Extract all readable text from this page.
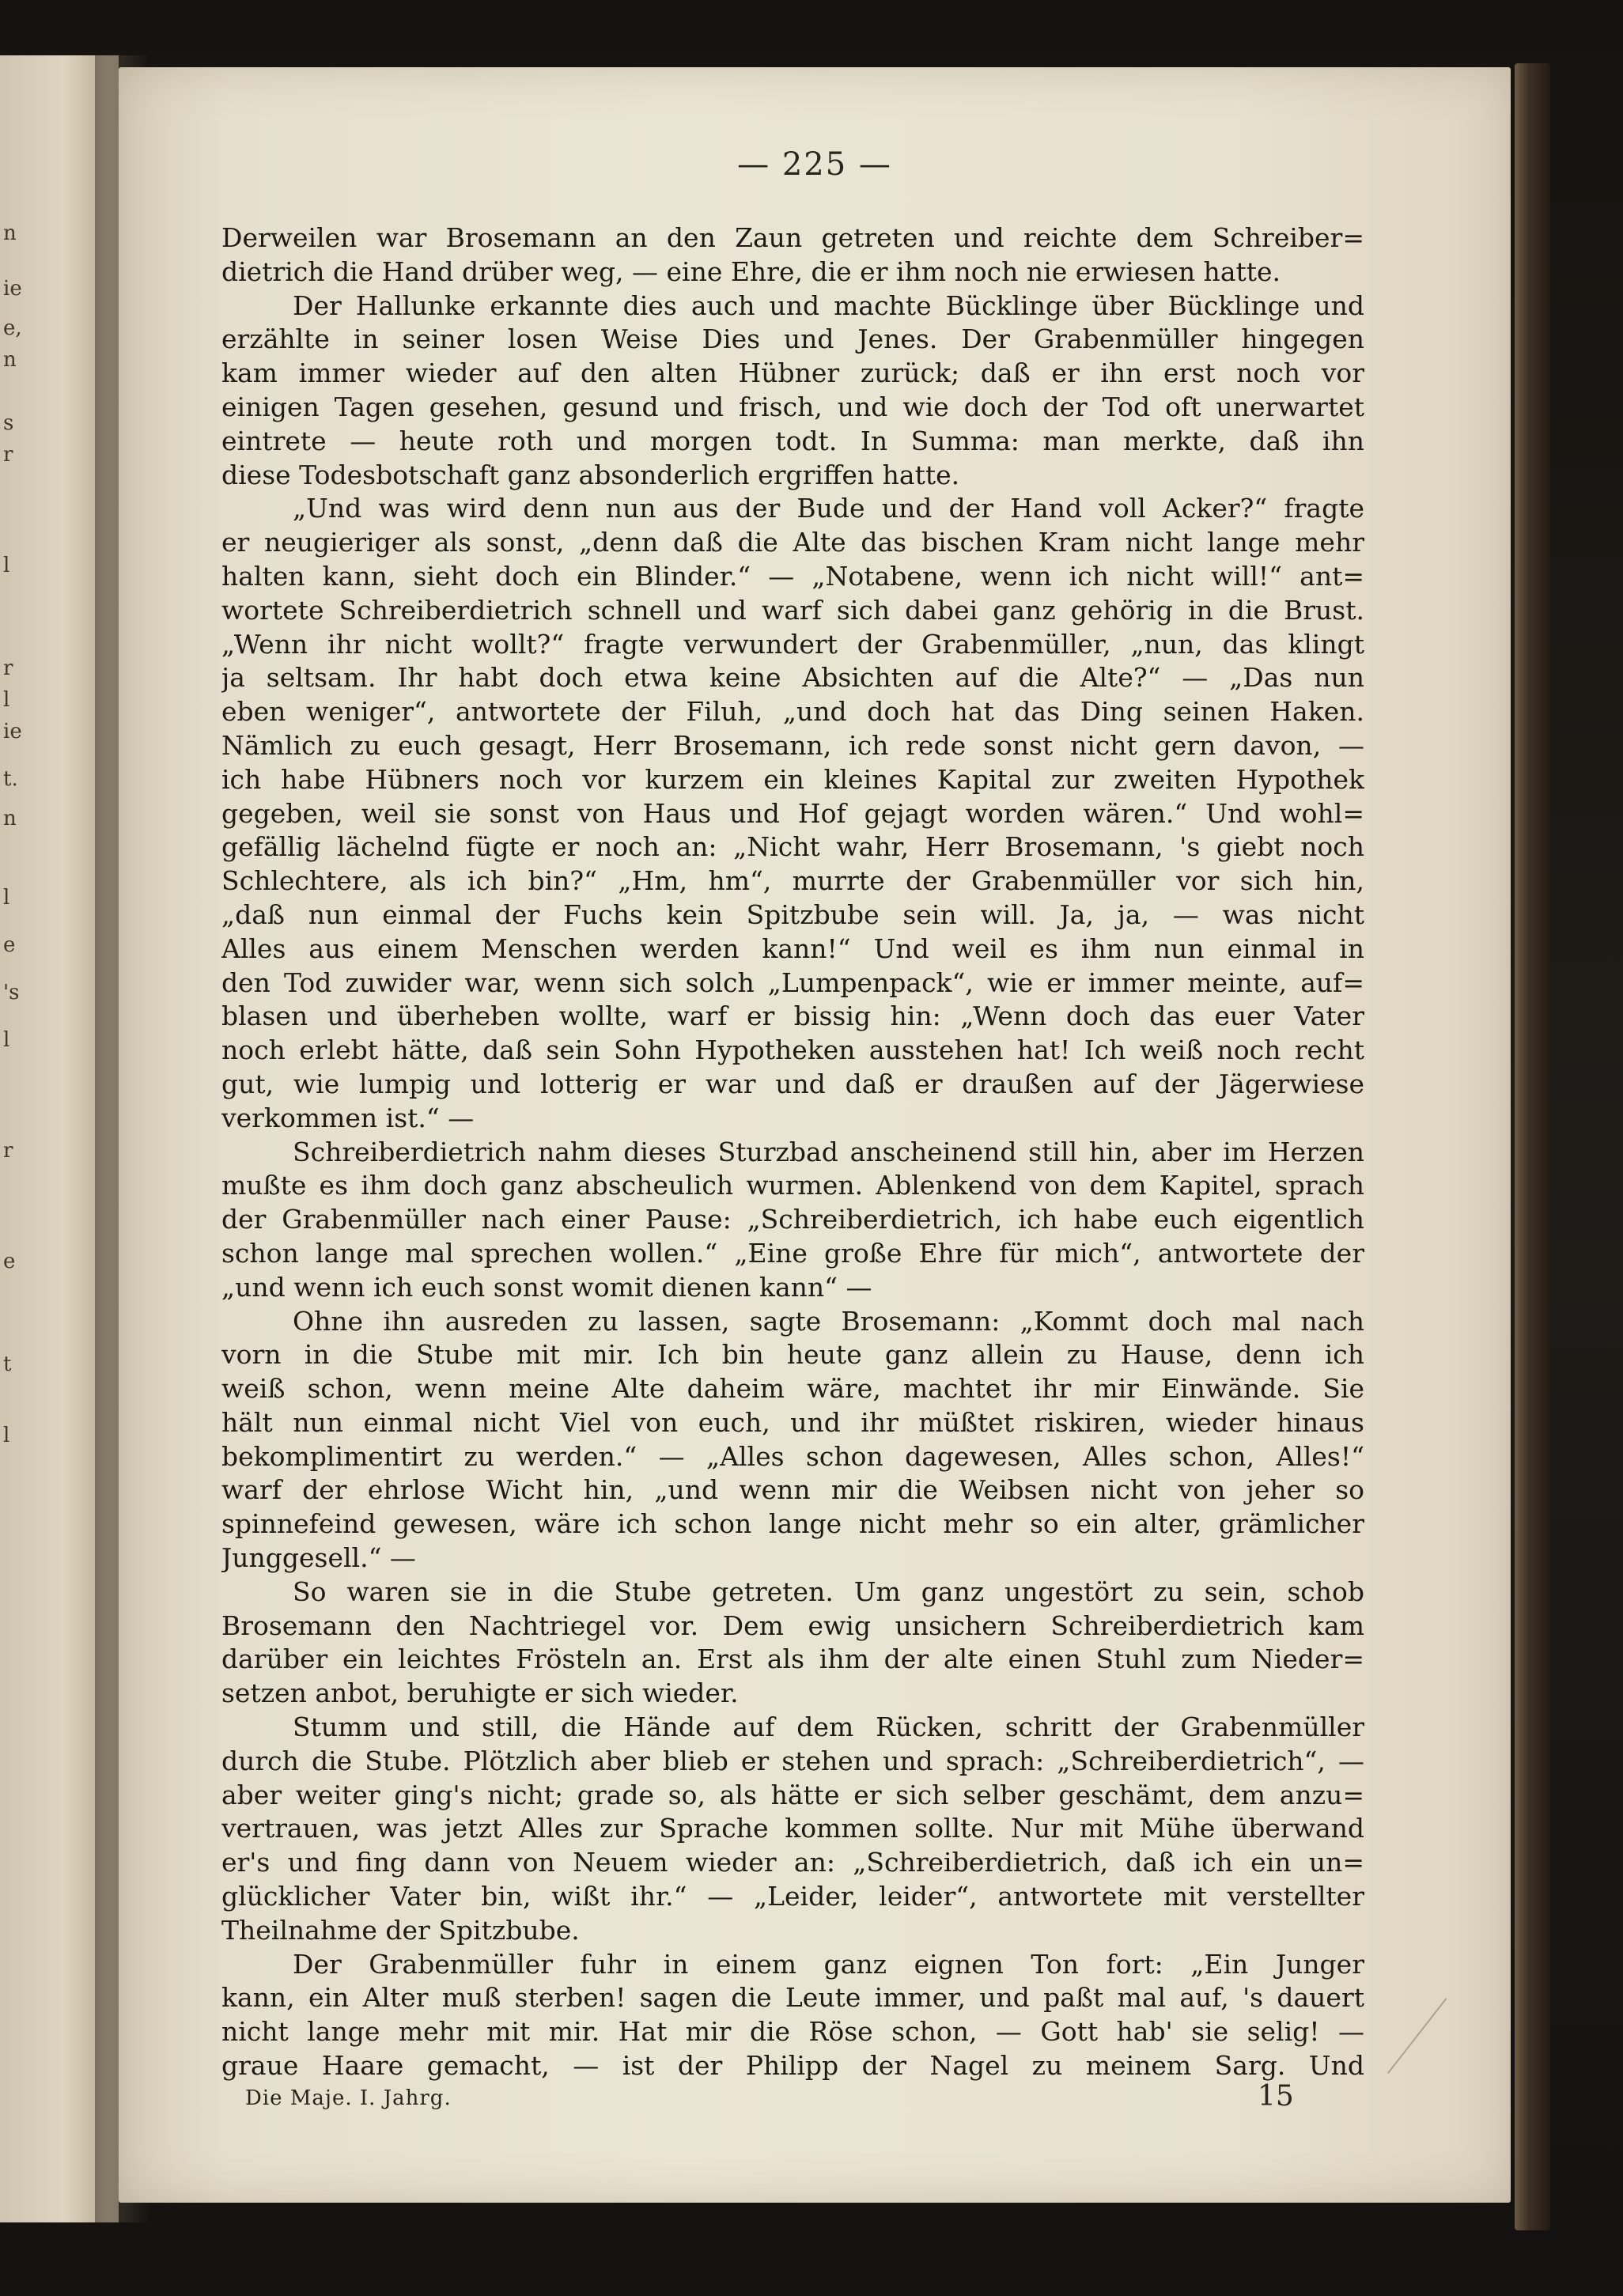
n
ie
e,
n
s
r
l
r
l
ie
t.
n
l
e
's
l
r
e
t
l
— 225 —
Derweilen war Brosemann an den Zaun getreten und reichte dem Schreiber=
dietrich die Hand drüber weg, — eine Ehre, die er ihm noch nie erwiesen hatte.
Der Hallunke erkannte dies auch und machte Bücklinge über Bücklinge und
erzählte in seiner losen Weise Dies und Jenes. Der Grabenmüller hingegen
kam immer wieder auf den alten Hübner zurück; daß er ihn erst noch vor
einigen Tagen gesehen, gesund und frisch, und wie doch der Tod oft unerwartet
eintrete — heute roth und morgen todt. In Summa: man merkte, daß ihn
diese Todesbotschaft ganz absonderlich ergriffen hatte.
„Und was wird denn nun aus der Bude und der Hand voll Acker?“ fragte
er neugieriger als sonst, „denn daß die Alte das bischen Kram nicht lange mehr
halten kann, sieht doch ein Blinder.“ — „Notabene, wenn ich nicht will!“ ant=
wortete Schreiberdietrich schnell und warf sich dabei ganz gehörig in die Brust.
„Wenn ihr nicht wollt?“ fragte verwundert der Grabenmüller, „nun, das klingt
ja seltsam. Ihr habt doch etwa keine Absichten auf die Alte?“ — „Das nun
eben weniger“, antwortete der Filuh, „und doch hat das Ding seinen Haken.
Nämlich zu euch gesagt, Herr Brosemann, ich rede sonst nicht gern davon, —
ich habe Hübners noch vor kurzem ein kleines Kapital zur zweiten Hypothek
gegeben, weil sie sonst von Haus und Hof gejagt worden wären.“ Und wohl=
gefällig lächelnd fügte er noch an: „Nicht wahr, Herr Brosemann, 's giebt noch
Schlechtere, als ich bin?“ „Hm, hm“, murrte der Grabenmüller vor sich hin,
„daß nun einmal der Fuchs kein Spitzbube sein will. Ja, ja, — was nicht
Alles aus einem Menschen werden kann!“ Und weil es ihm nun einmal in
den Tod zuwider war, wenn sich solch „Lumpenpack“, wie er immer meinte, auf=
blasen und überheben wollte, warf er bissig hin: „Wenn doch das euer Vater
noch erlebt hätte, daß sein Sohn Hypotheken ausstehen hat! Ich weiß noch recht
gut, wie lumpig und lotterig er war und daß er draußen auf der Jägerwiese
verkommen ist.“ —
Schreiberdietrich nahm dieses Sturzbad anscheinend still hin, aber im Herzen
mußte es ihm doch ganz abscheulich wurmen. Ablenkend von dem Kapitel, sprach
der Grabenmüller nach einer Pause: „Schreiberdietrich, ich habe euch eigentlich
schon lange mal sprechen wollen.“ „Eine große Ehre für mich“, antwortete der
„und wenn ich euch sonst womit dienen kann“ —
Ohne ihn ausreden zu lassen, sagte Brosemann: „Kommt doch mal nach
vorn in die Stube mit mir. Ich bin heute ganz allein zu Hause, denn ich
weiß schon, wenn meine Alte daheim wäre, machtet ihr mir Einwände. Sie
hält nun einmal nicht Viel von euch, und ihr müßtet riskiren, wieder hinaus
bekomplimentirt zu werden.“ — „Alles schon dagewesen, Alles schon, Alles!“
warf der ehrlose Wicht hin, „und wenn mir die Weibsen nicht von jeher so
spinnefeind gewesen, wäre ich schon lange nicht mehr so ein alter, grämlicher
Junggesell.“ —
So waren sie in die Stube getreten. Um ganz ungestört zu sein, schob
Brosemann den Nachtriegel vor. Dem ewig unsichern Schreiberdietrich kam
darüber ein leichtes Frösteln an. Erst als ihm der alte einen Stuhl zum Nieder=
setzen anbot, beruhigte er sich wieder.
Stumm und still, die Hände auf dem Rücken, schritt der Grabenmüller
durch die Stube. Plötzlich aber blieb er stehen und sprach: „Schreiberdietrich“, —
aber weiter ging's nicht; grade so, als hätte er sich selber geschämt, dem anzu=
vertrauen, was jetzt Alles zur Sprache kommen sollte. Nur mit Mühe überwand
er's und fing dann von Neuem wieder an: „Schreiberdietrich, daß ich ein un=
glücklicher Vater bin, wißt ihr.“ — „Leider, leider“, antwortete mit verstellter
Theilnahme der Spitzbube.
Der Grabenmüller fuhr in einem ganz eignen Ton fort: „Ein Junger
kann, ein Alter muß sterben! sagen die Leute immer, und paßt mal auf, 's dauert
nicht lange mehr mit mir. Hat mir die Röse schon, — Gott hab' sie selig! —
graue Haare gemacht, — ist der Philipp der Nagel zu meinem Sarg. Und
Die Maje. I. Jahrg.	15
